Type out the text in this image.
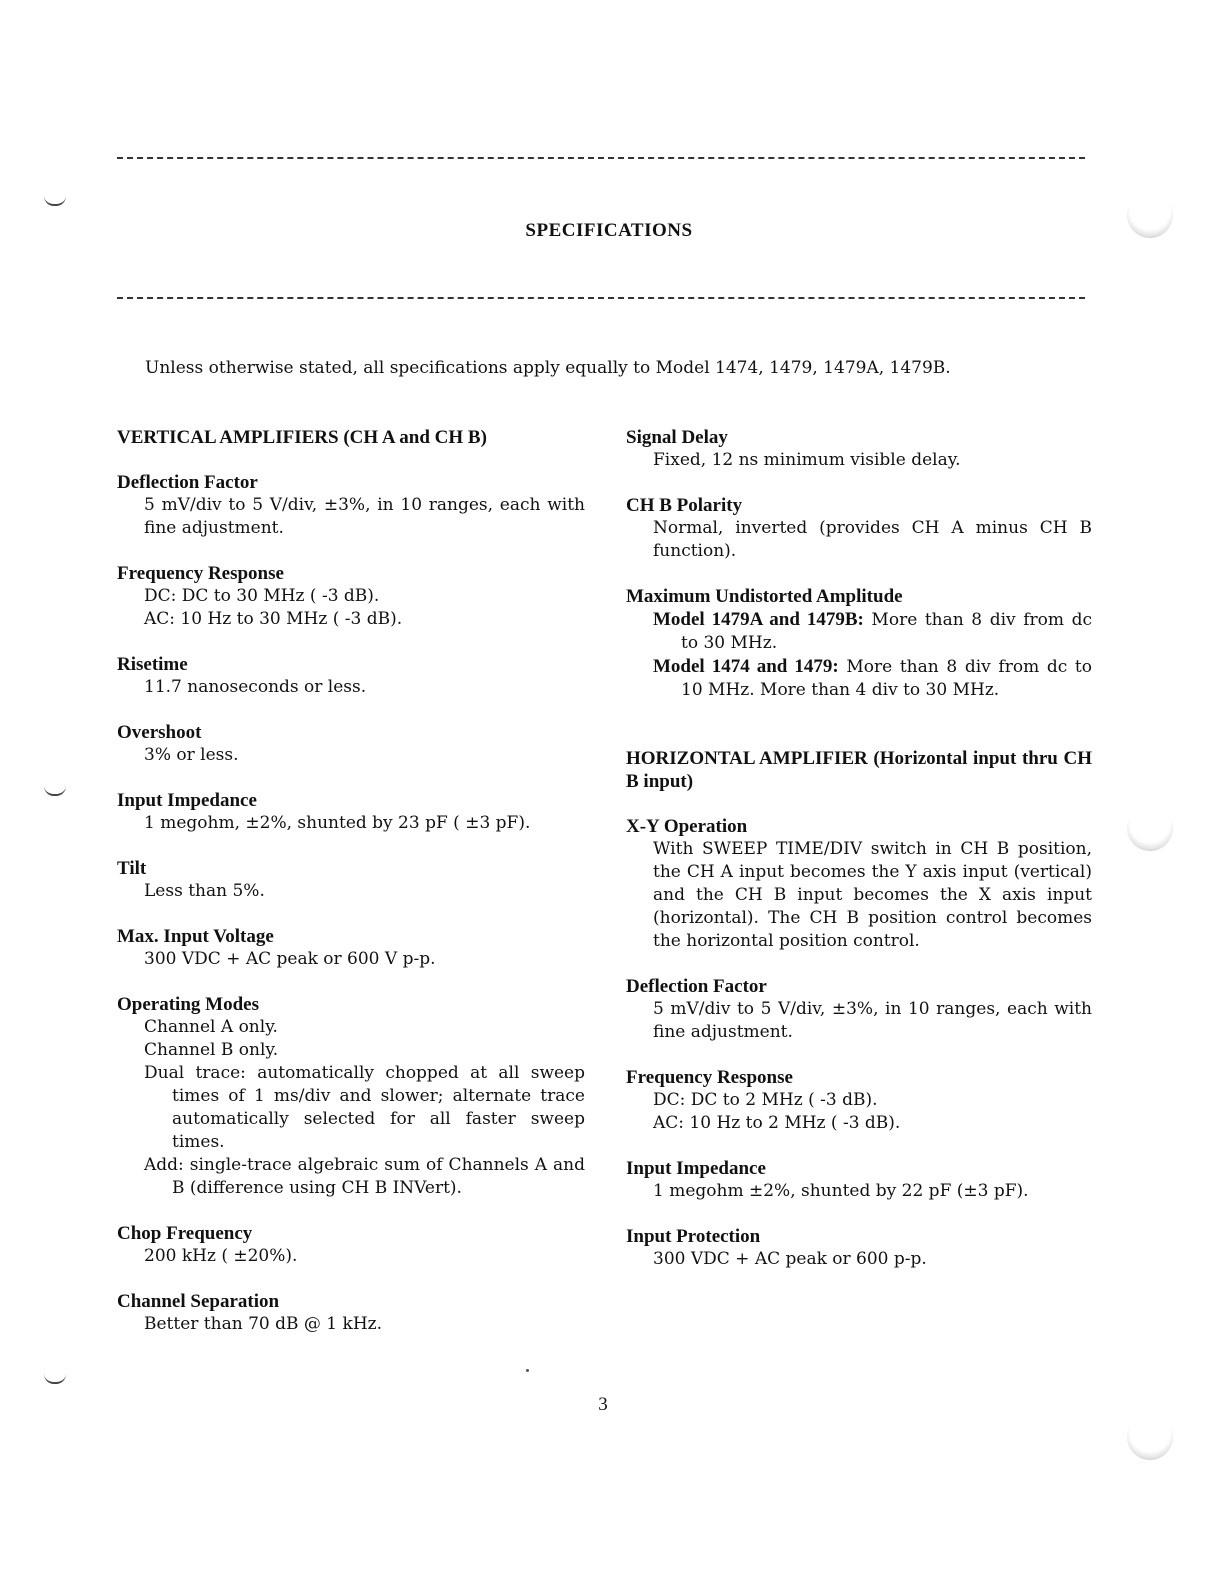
SPECIFICATIONS
Unless otherwise stated, all specifications apply equally to Model 1474, 1479, 1479A, 1479B.
VERTICAL AMPLIFIERS (CH A and CH B)
Deflection Factor
5 mV/div to 5 V/div, ±3%, in 10 ranges, each with fine adjustment.
Frequency Response
DC: DC to 30 MHz ( -3 dB).
AC: 10 Hz to 30 MHz ( -3 dB).
Risetime
11.7 nanoseconds or less.
Overshoot
3% or less.
Input Impedance
1 megohm, ±2%, shunted by 23 pF ( ±3 pF).
Tilt
Less than 5%.
Max. Input Voltage
300 VDC + AC peak or 600 V p-p.
Operating Modes
Channel A only.
Channel B only.
Dual trace: automatically chopped at all sweep times of 1 ms/div and slower; alternate trace automatically selected for all faster sweep times.
Add: single-trace algebraic sum of Channels A and B (difference using CH B INVert).
Chop Frequency
200 kHz ( ±20%).
Channel Separation
Better than 70 dB @ 1 kHz.
Signal Delay
Fixed, 12 ns minimum visible delay.
CH B Polarity
Normal, inverted (provides CH A minus CH B function).
Maximum Undistorted Amplitude
Model 1479A and 1479B: More than 8 div from dc to 30 MHz.
Model 1474 and 1479: More than 8 div from dc to 10 MHz. More than 4 div to 30 MHz.
HORIZONTAL AMPLIFIER (Horizontal input thru CH B input)
X-Y Operation
With SWEEP TIME/DIV switch in CH B position, the CH A input becomes the Y axis input (vertical) and the CH B input becomes the X axis input (horizontal). The CH B position control becomes the horizontal position control.
Deflection Factor
5 mV/div to 5 V/div, ±3%, in 10 ranges, each with fine adjustment.
Frequency Response
DC: DC to 2 MHz ( -3 dB).
AC: 10 Hz to 2 MHz ( -3 dB).
Input Impedance
1 megohm ±2%, shunted by 22 pF (±3 pF).
Input Protection
300 VDC + AC peak or 600 p-p.
3
